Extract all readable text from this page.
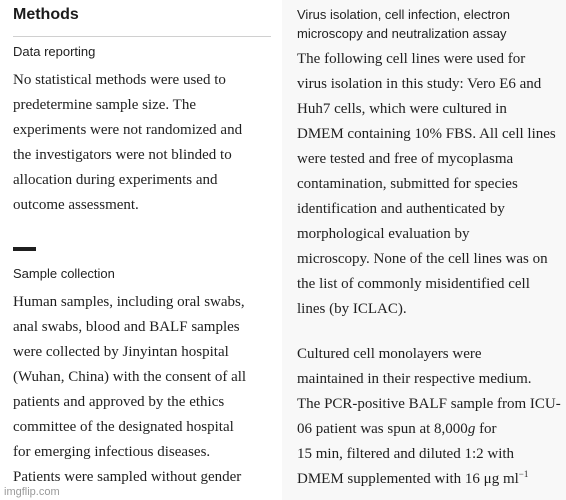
Methods
Data reporting
No statistical methods were used to
predetermine sample size. The
experiments were not randomized and
the investigators were not blinded to
allocation during experiments and
outcome assessment.
Sample collection
Human samples, including oral swabs,
anal swabs, blood and BALF samples
were collected by Jinyintan hospital
(Wuhan, China) with the consent of all
patients and approved by the ethics
committee of the designated hospital
for emerging infectious diseases.
Patients were sampled without gender
Virus isolation, cell infection, electron
microscopy and neutralization assay
The following cell lines were used for
virus isolation in this study: Vero E6 and
Huh7 cells, which were cultured in
DMEM containing 10% FBS. All cell lines
were tested and free of mycoplasma
contamination, submitted for species
identification and authenticated by
morphological evaluation by
microscopy. None of the cell lines was on
the list of commonly misidentified cell
lines (by ICLAC).
Cultured cell monolayers were
maintained in their respective medium.
The PCR-positive BALF sample from ICU-
06 patient was spun at 8,000g for
15 min, filtered and diluted 1:2 with
DMEM supplemented with 16 μg $ml^{-1}$
imgflip.com
